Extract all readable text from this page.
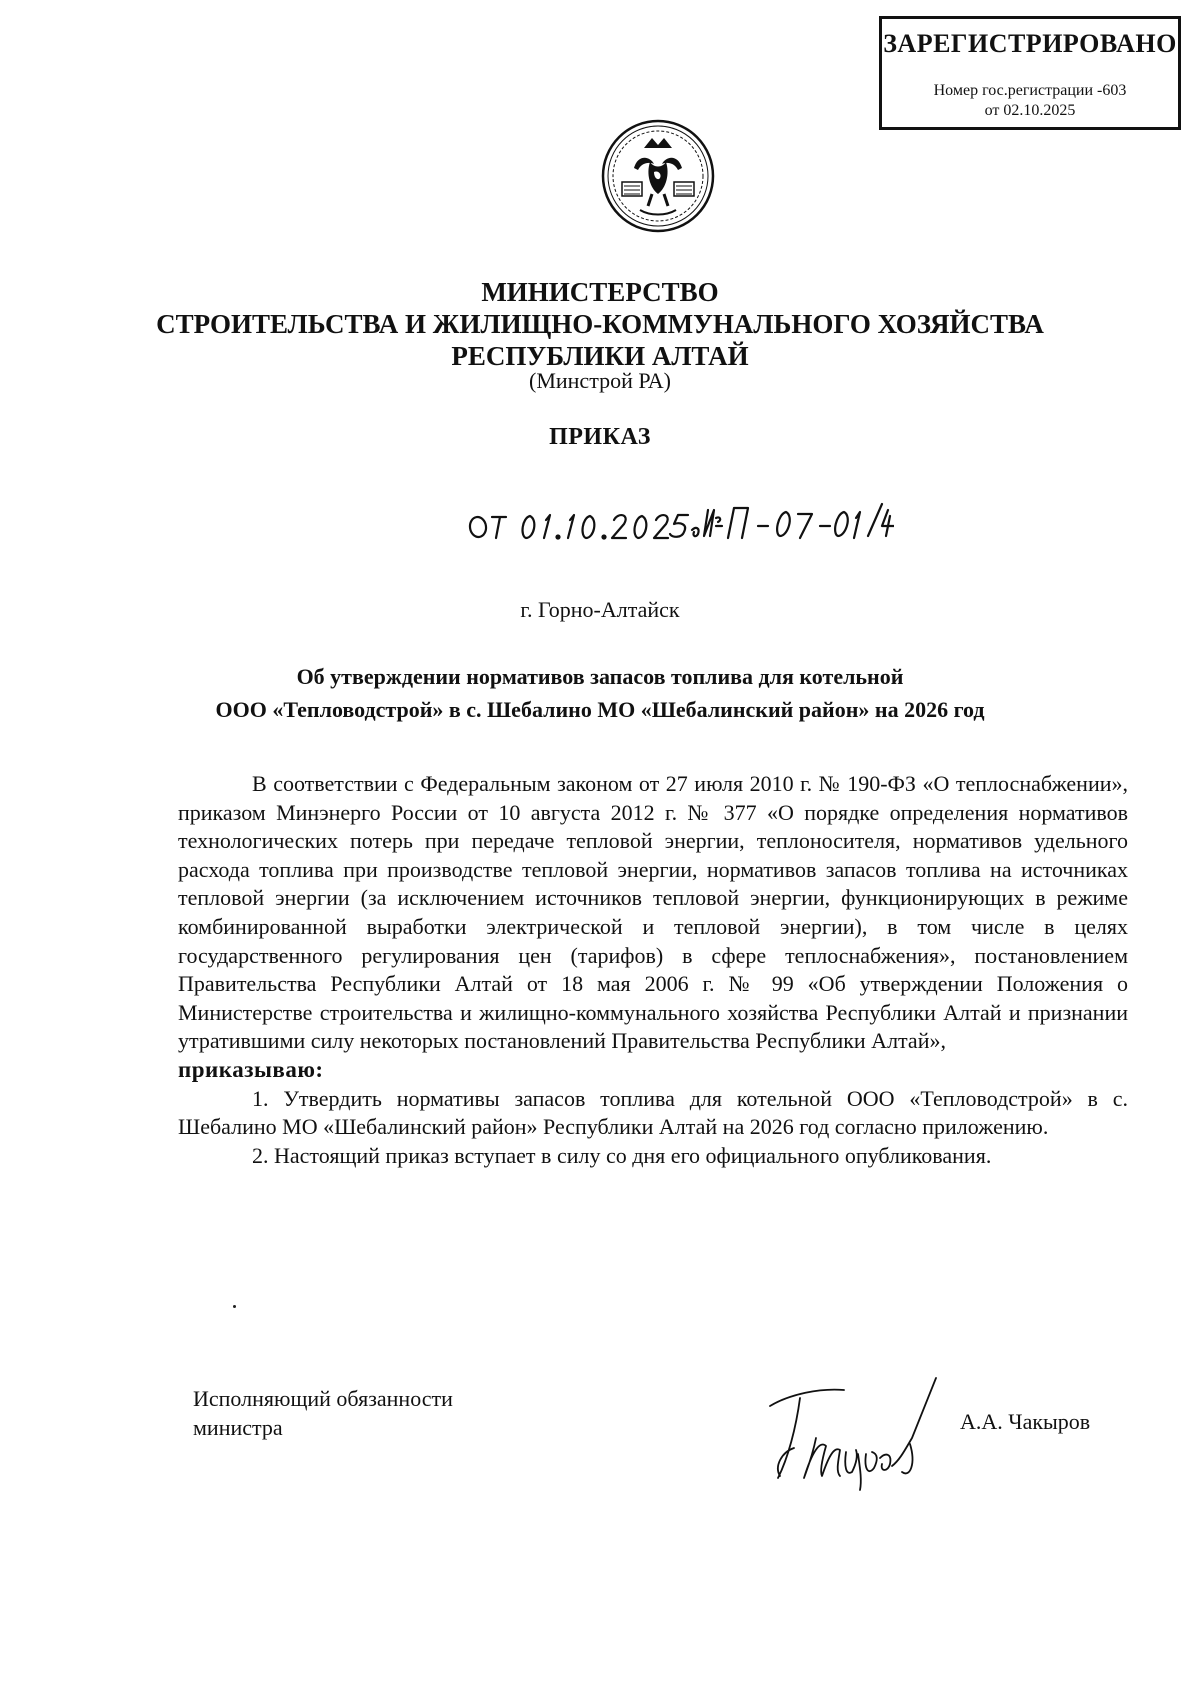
ЗАРЕГИСТРИРОВАНО
Номер гос.регистрации -603
от 02.10.2025
МИНИСТЕРСТВО
СТРОИТЕЛЬСТВА И ЖИЛИЩНО-КОММУНАЛЬНОГО ХОЗЯЙСТВА
РЕСПУБЛИКИ АЛТАЙ
(Минстрой РА)
ПРИКАЗ
г. Горно-Алтайск
Об утверждении нормативов запасов топлива для котельной
ООО «Тепловодстрой» в с. Шебалино МО «Шебалинский район» на 2026 год

В соответствии с Федеральным законом от 27 июля 2010 г. № 190-ФЗ «О теплоснабжении», приказом Минэнерго России от 10 августа 2012 г. № 377 «О порядке определения нормативов технологических потерь при передаче тепловой энергии, теплоносителя, нормативов удельного расхода топлива при производстве тепловой энергии, нормативов запасов топлива на источниках тепловой энергии (за исключением источников тепловой энергии, функционирующих в режиме комбинированной выработки электрической и тепловой энергии), в том числе в целях государственного регулирования цен (тарифов) в сфере теплоснабжения», постановлением Правительства Республики Алтай от 18 мая 2006 г. № 99 «Об утверждении Положения о Министерстве строительства и жилищно-коммунального хозяйства Республики Алтай и признании утратившими силу некоторых постановлений Правительства Республики Алтай»,

приказываю:

1. Утвердить нормативы запасов топлива для котельной ООО «Тепловодстрой» в с. Шебалино МО «Шебалинский район» Республики Алтай на 2026 год согласно приложению.

2. Настоящий приказ вступает в силу со дня его официального опубликования.

Исполняющий обязанности
министра	А.А. Чакыров
